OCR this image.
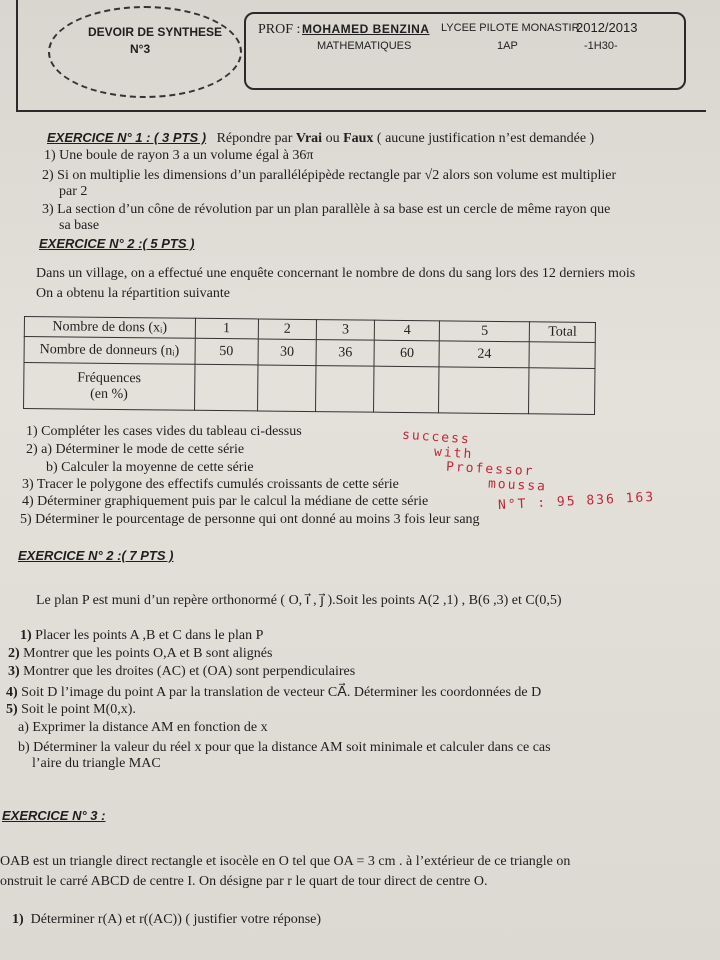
DEVOIR DE SYNTHESE
N°3
PROF : MOHAMED BENZINA
MATHEMATIQUES
LYCEE PILOTE MONASTIR
1AP
2012/2013
-1H30-
EXERCICE N° 1 : ( 3 PTS ) Répondre par Vrai ou Faux ( aucune justification n’est demandée )
1) Une boule de rayon 3 a un volume égal à 36π
2) Si on multiplie les dimensions d’un parallélépipède rectangle par √2 alors son volume est multiplier
par 2
3) La section d’un cône de révolution par un plan parallèle à sa base est un cercle de même rayon que
sa base
EXERCICE N° 2 :( 5 PTS )
Dans un village, on a effectué une enquête concernant le nombre de dons du sang lors des 12 derniers mois
On a obtenu la répartition suivante
Nombre de dons (xᵢ)	1	2	3	4	5	Total
Nombre de donneurs (nᵢ)	50	30	36	60	24	

Fréquences
(en %)						

1) Compléter les cases vides du tableau ci-dessus
2) a) Déterminer le mode de cette série
b) Calculer la moyenne de cette série
3) Tracer le polygone des effectifs cumulés croissants de cette série
4) Déterminer graphiquement puis par le calcul la médiane de cette série
5) Déterminer le pourcentage de personne qui ont donné au moins 3 fois leur sang
success
with
Professor
moussa
N°T : 95 836 163
EXERCICE N° 2 :( 7 PTS )
Le plan P est muni d’un repère orthonormé ( O, i⃗ , j⃗ ).Soit les points A(2 ,1) , B(6 ,3) et C(0,5)
1) Placer les points A ,B et C dans le plan P
2) Montrer que les points O,A et B sont alignés
3) Montrer que les droites (AC) et (OA) sont perpendiculaires
4) Soit D l’image du point A par la translation de vecteur CA⃗. Déterminer les coordonnées de D
5) Soit le point M(0,x).
a) Exprimer la distance AM en fonction de x
b) Déterminer la valeur du réel x pour que la distance AM soit minimale et calculer dans ce cas
l’aire du triangle MAC
EXERCICE N° 3 :
OAB est un triangle direct rectangle et isocèle en O tel que OA = 3 cm . à l’extérieur de ce triangle on
onstruit le carré ABCD de centre I. On désigne par r le quart de tour direct de centre O.
1) Déterminer r(A) et r((AC)) ( justifier votre réponse)
